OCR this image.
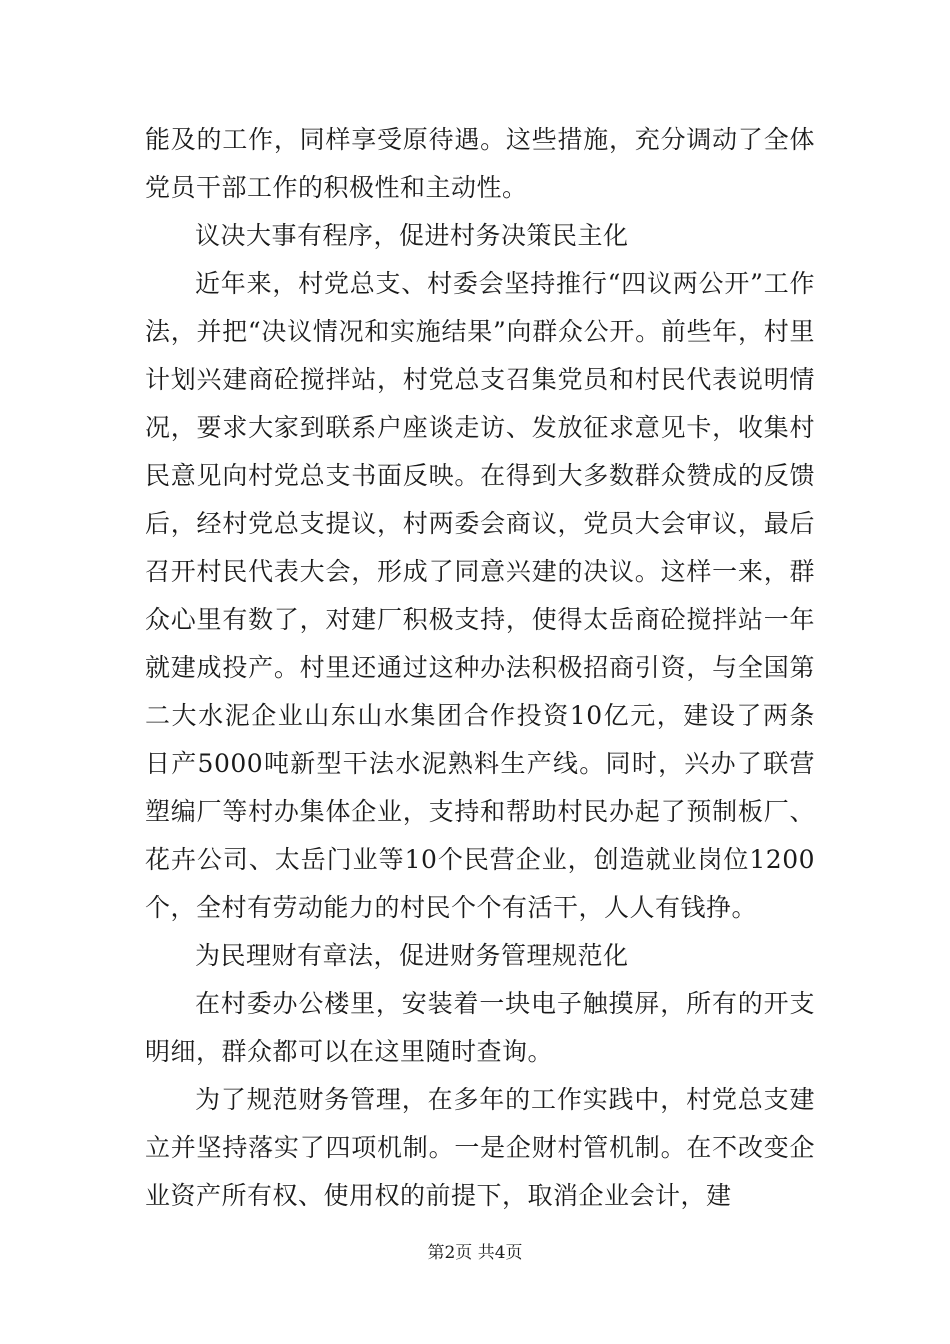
能及的工作，同样享受原待遇。这些措施，充分调动了全体党员干部工作的积极性和主动性。

议决大事有程序，促进村务决策民主化

近年来，村党总支、村委会坚持推行“四议两公开”工作法，并把“决议情况和实施结果”向群众公开。前些年，村里计划兴建商砼搅拌站，村党总支召集党员和村民代表说明情况，要求大家到联系户座谈走访、发放征求意见卡，收集村民意见向村党总支书面反映。在得到大多数群众赞成的反馈后，经村党总支提议，村两委会商议，党员大会审议，最后召开村民代表大会，形成了同意兴建的决议。这样一来，群众心里有数了，对建厂积极支持，使得太岳商砼搅拌站一年就建成投产。村里还通过这种办法积极招商引资，与全国第二大水泥企业山东山水集团合作投资10亿元，建设了两条日产5000吨新型干法水泥熟料生产线。同时，兴办了联营塑编厂等村办集体企业，支持和帮助村民办起了预制板厂、花卉公司、太岳门业等10个民营企业，创造就业岗位1200个，全村有劳动能力的村民个个有活干，人人有钱挣。

为民理财有章法，促进财务管理规范化

在村委办公楼里，安装着一块电子触摸屏，所有的开支明细，群众都可以在这里随时查询。

为了规范财务管理，在多年的工作实践中，村党总支建立并坚持落实了四项机制。一是企财村管机制。在不改变企业资产所有权、使用权的前提下，取消企业会计，建

第2页 共4页
